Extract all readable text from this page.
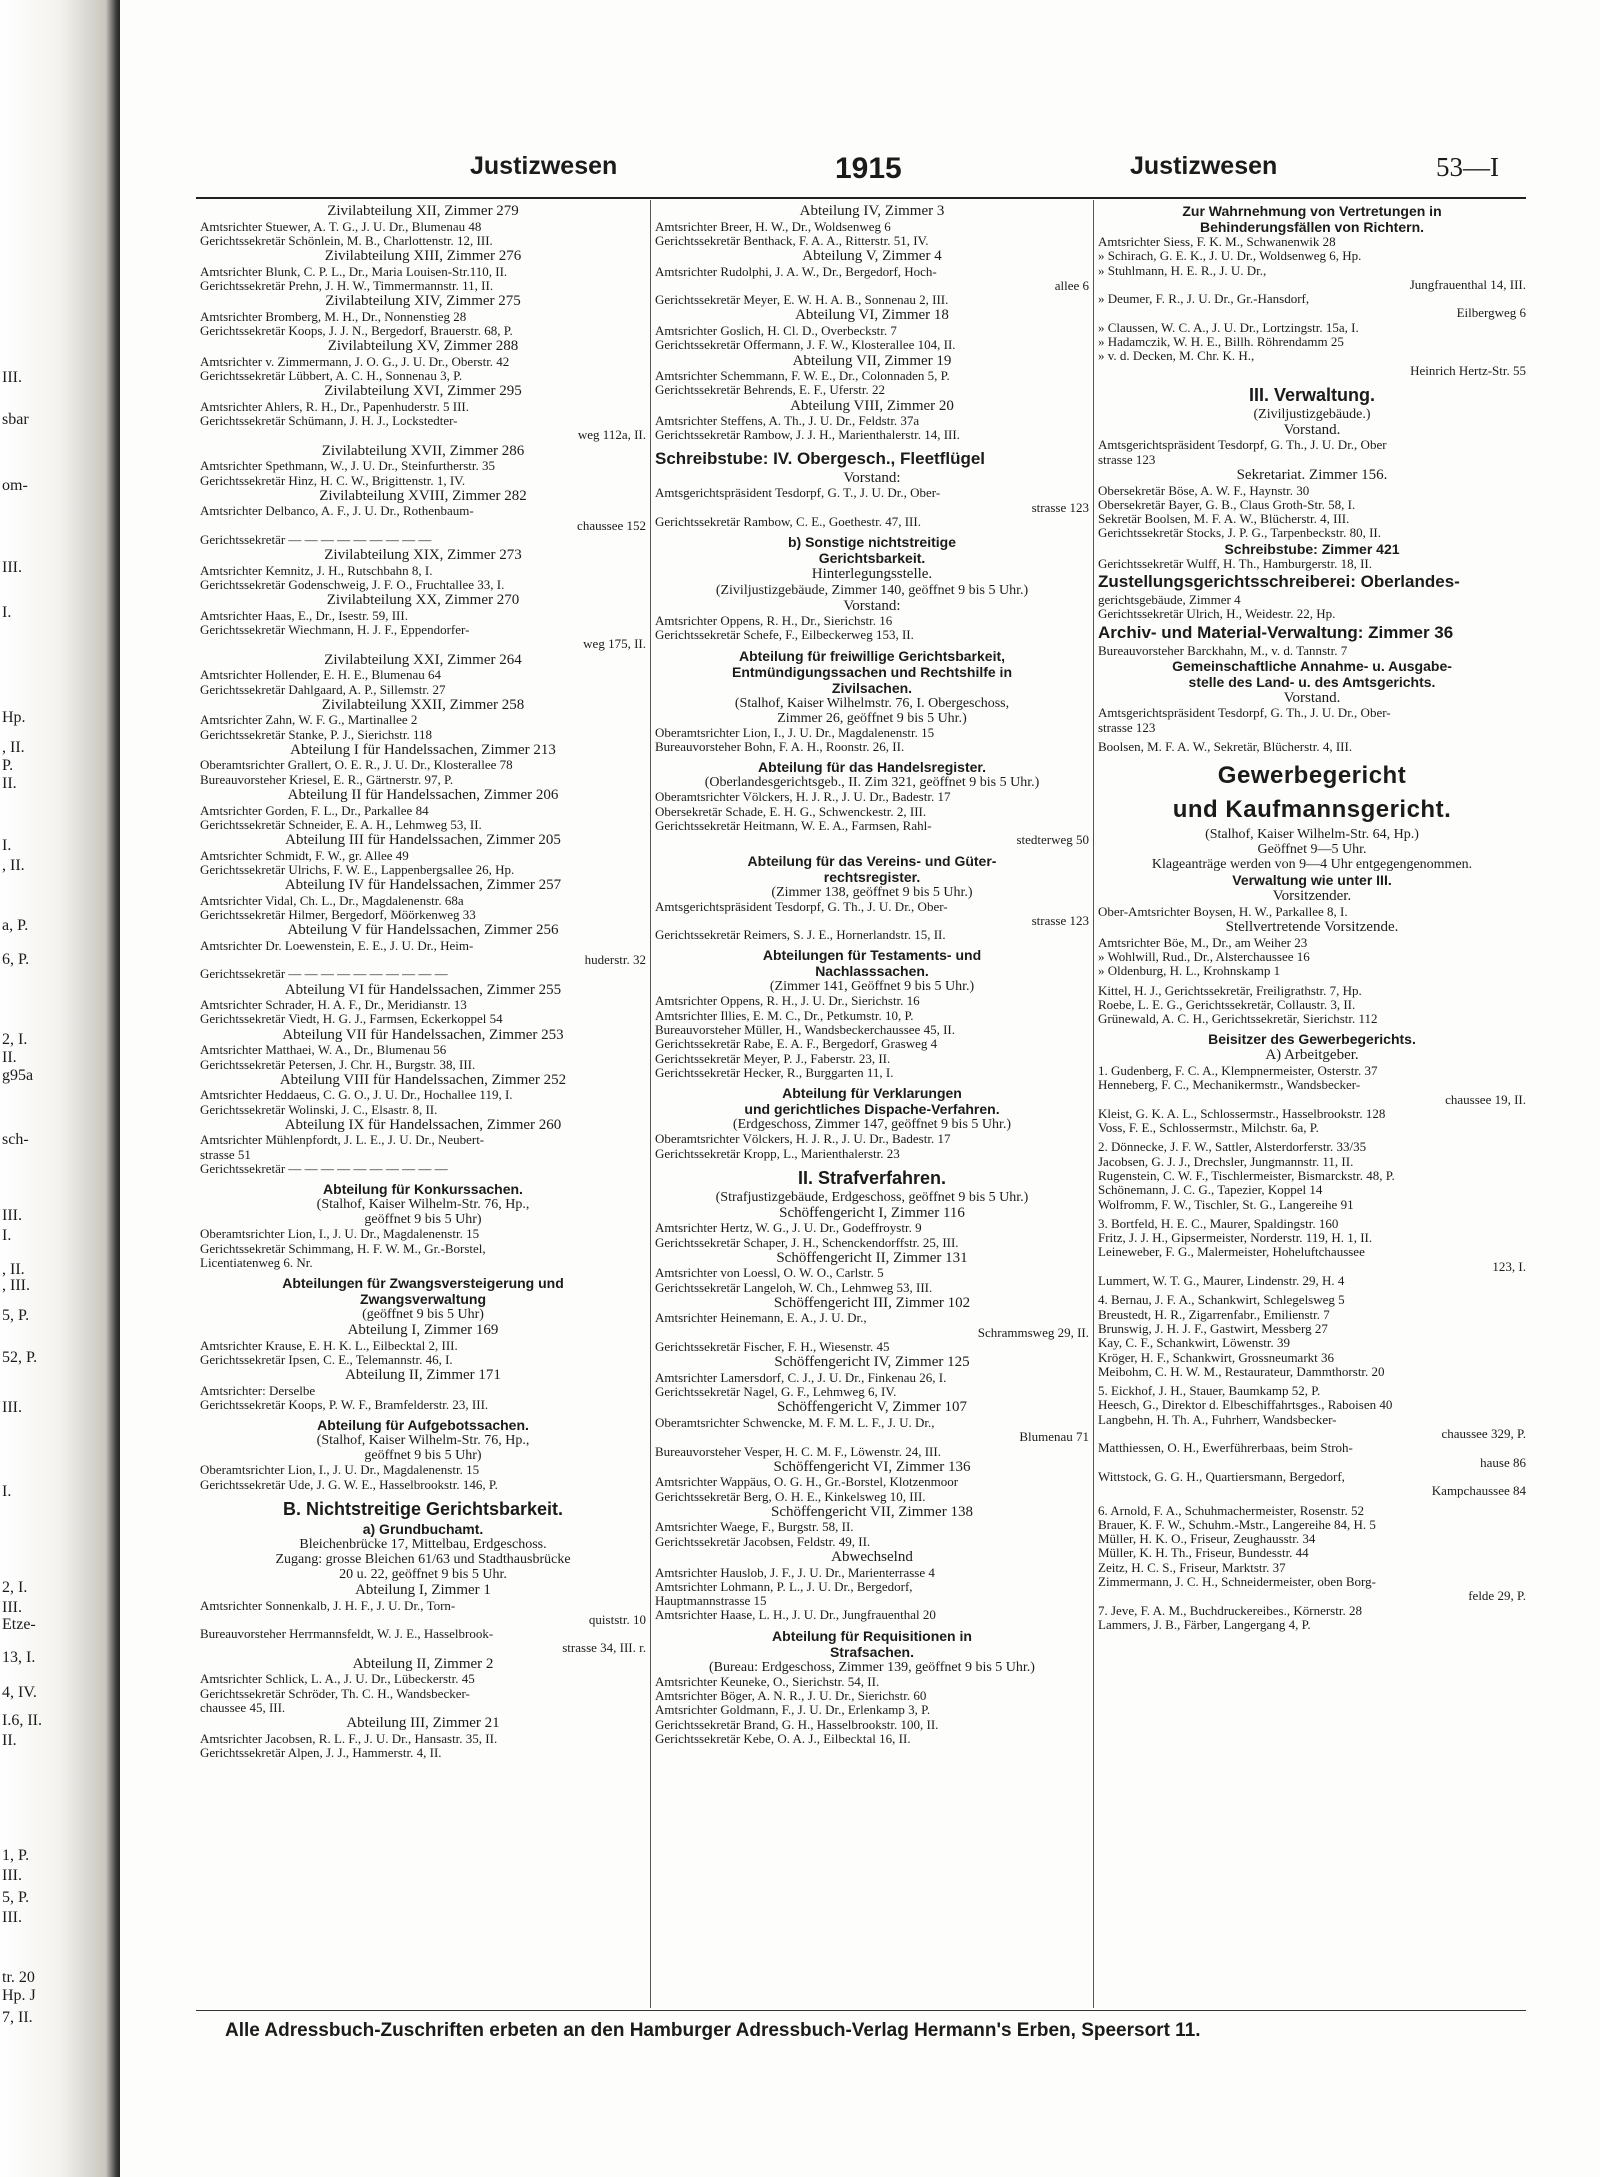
III.
sbar
om-
III.
I.
Hp.
, II.
P.
II.
I.
, II.
a, P.
6, P.
2, I.
II.
g95a
sch-
III.
I.
, II.
, III.
5, P.
52, P.
III.
I.
2, I.
III.
Etze-
13, I.
4, IV.
I.6, II.
II.
1, P.
III.
5, P.
III.
tr. 20
Hp. J
7, II.
Justizwesen	1915	Justizwesen	53—I
Zivilabteilung XII, Zimmer 279
Amtsrichter Stuewer, A. T. G., J. U. Dr., Blumenau 48
Gerichtssekretär Schönlein, M. B., Charlottenstr. 12, III.
Zivilabteilung XIII, Zimmer 276
Amtsrichter Blunk, C. P. L., Dr., Maria Louisen-Str.110, II.
Gerichtssekretär Prehn, J. H. W., Timmermannstr. 11, II.
Zivilabteilung XIV, Zimmer 275
Amtsrichter Bromberg, M. H., Dr., Nonnenstieg 28
Gerichtssekretär Koops, J. J. N., Bergedorf, Brauerstr. 68, P.
Zivilabteilung XV, Zimmer 288
Amtsrichter v. Zimmermann, J. O. G., J. U. Dr., Oberstr. 42
Gerichtssekretär Lübbert, A. C. H., Sonnenau 3, P.
Zivilabteilung XVI, Zimmer 295
Amtsrichter Ahlers, R. H., Dr., Papenhuderstr. 5 III.
Gerichtssekretär Schümann, J. H. J., Lockstedter-
weg 112a, II.
Zivilabteilung XVII, Zimmer 286
Amtsrichter Spethmann, W., J. U. Dr., Steinfurtherstr. 35
Gerichtssekretär Hinz, H. C. W., Brigittenstr. 1, IV.
Zivilabteilung XVIII, Zimmer 282
Amtsrichter Delbanco, A. F., J. U. Dr., Rothenbaum-
chaussee 152
Gerichtssekretär — — — — — — — — —
Zivilabteilung XIX, Zimmer 273
Amtsrichter Kemnitz, J. H., Rutschbahn 8, I.
Gerichtssekretär Godenschweig, J. F. O., Fruchtallee 33, I.
Zivilabteilung XX, Zimmer 270
Amtsrichter Haas, E., Dr., Isestr. 59, III.
Gerichtssekretär Wiechmann, H. J. F., Eppendorfer-
weg 175, II.
Zivilabteilung XXI, Zimmer 264
Amtsrichter Hollender, E. H. E., Blumenau 64
Gerichtssekretär Dahlgaard, A. P., Sillemstr. 27
Zivilabteilung XXII, Zimmer 258
Amtsrichter Zahn, W. F. G., Martinallee 2
Gerichtssekretär Stanke, P. J., Sierichstr. 118
Abteilung I für Handelssachen, Zimmer 213
Oberamtsrichter Grallert, O. E. R., J. U. Dr., Klosterallee 78
Bureauvorsteher Kriesel, E. R., Gärtnerstr. 97, P.
Abteilung II für Handelssachen, Zimmer 206
Amtsrichter Gorden, F. L., Dr., Parkallee 84
Gerichtssekretär Schneider, E. A. H., Lehmweg 53, II.
Abteilung III für Handelssachen, Zimmer 205
Amtsrichter Schmidt, F. W., gr. Allee 49
Gerichtssekretär Ulrichs, F. W. E., Lappenbergsallee 26, Hp.
Abteilung IV für Handelssachen, Zimmer 257
Amtsrichter Vidal, Ch. L., Dr., Magdalenenstr. 68a
Gerichtssekretär Hilmer, Bergedorf, Möörkenweg 33
Abteilung V für Handelssachen, Zimmer 256
Amtsrichter Dr. Loewenstein, E. E., J. U. Dr., Heim-
huderstr. 32
Gerichtssekretär — — — — — — — — — —
Abteilung VI für Handelssachen, Zimmer 255
Amtsrichter Schrader, H. A. F., Dr., Meridianstr. 13
Gerichtssekretär Viedt, H. G. J., Farmsen, Eckerkoppel 54
Abteilung VII für Handelssachen, Zimmer 253
Amtsrichter Matthaei, W. A., Dr., Blumenau 56
Gerichtssekretär Petersen, J. Chr. H., Burgstr. 38, III.
Abteilung VIII für Handelssachen, Zimmer 252
Amtsrichter Heddaeus, C. G. O., J. U. Dr., Hochallee 119, I.
Gerichtssekretär Wolinski, J. C., Elsastr. 8, II.
Abteilung IX für Handelssachen, Zimmer 260
Amtsrichter Mühlenpfordt, J. L. E., J. U. Dr., Neubert-
strasse 51
Gerichtssekretär — — — — — — — — — —
Abteilung für Konkurssachen.
(Stalhof, Kaiser Wilhelm-Str. 76, Hp.,
geöffnet 9 bis 5 Uhr)
Oberamtsrichter Lion, I., J. U. Dr., Magdalenenstr. 15
Gerichtssekretär Schimmang, H. F. W. M., Gr.-Borstel,
Licentiatenweg 6. Nr.
Abteilungen für Zwangsversteigerung und
Zwangsverwaltung
(geöffnet 9 bis 5 Uhr)
Abteilung I, Zimmer 169
Amtsrichter Krause, E. H. K. L., Eilbecktal 2, III.
Gerichtssekretär Ipsen, C. E., Telemannstr. 46, I.
Abteilung II, Zimmer 171
Amtsrichter: Derselbe
Gerichtssekretär Koops, P. W. F., Bramfelderstr. 23, III.
Abteilung für Aufgebotssachen.
(Stalhof, Kaiser Wilhelm-Str. 76, Hp.,
geöffnet 9 bis 5 Uhr)
Oberamtsrichter Lion, I., J. U. Dr., Magdalenenstr. 15
Gerichtssekretär Ude, J. G. W. E., Hasselbrookstr. 146, P.
B. Nichtstreitige Gerichtsbarkeit.
a) Grundbuchamt.
Bleichenbrücke 17, Mittelbau, Erdgeschoss.
Zugang: grosse Bleichen 61/63 und Stadthausbrücke
20 u. 22, geöffnet 9 bis 5 Uhr.
Abteilung I, Zimmer 1
Amtsrichter Sonnenkalb, J. H. F., J. U. Dr., Torn-
quiststr. 10
Bureauvorsteher Herrmannsfeldt, W. J. E., Hasselbrook-
strasse 34, III. r.
Abteilung II, Zimmer 2
Amtsrichter Schlick, L. A., J. U. Dr., Lübeckerstr. 45
Gerichtssekretär Schröder, Th. C. H., Wandsbecker-
chaussee 45, III.
Abteilung III, Zimmer 21
Amtsrichter Jacobsen, R. L. F., J. U. Dr., Hansastr. 35, II.
Gerichtssekretär Alpen, J. J., Hammerstr. 4, II.
Abteilung IV, Zimmer 3
Amtsrichter Breer, H. W., Dr., Woldsenweg 6
Gerichtssekretär Benthack, F. A. A., Ritterstr. 51, IV.
Abteilung V, Zimmer 4
Amtsrichter Rudolphi, J. A. W., Dr., Bergedorf, Hoch-
allee 6
Gerichtssekretär Meyer, E. W. H. A. B., Sonnenau 2, III.
Abteilung VI, Zimmer 18
Amtsrichter Goslich, H. Cl. D., Overbeckstr. 7
Gerichtssekretär Offermann, J. F. W., Klosterallee 104, II.
Abteilung VII, Zimmer 19
Amtsrichter Schemmann, F. W. E., Dr., Colonnaden 5, P.
Gerichtssekretär Behrends, E. F., Uferstr. 22
Abteilung VIII, Zimmer 20
Amtsrichter Steffens, A. Th., J. U. Dr., Feldstr. 37a
Gerichtssekretär Rambow, J. J. H., Marienthalerstr. 14, III.
Schreibstube: IV. Obergesch., Fleetflügel
Vorstand:
Amtsgerichtspräsident Tesdorpf, G. T., J. U. Dr., Ober-
strasse 123
Gerichtssekretär Rambow, C. E., Goethestr. 47, III.
b) Sonstige nichtstreitige
Gerichtsbarkeit.
Hinterlegungsstelle.
(Ziviljustizgebäude, Zimmer 140, geöffnet 9 bis 5 Uhr.)
Vorstand:
Amtsrichter Oppens, R. H., Dr., Sierichstr. 16
Gerichtssekretär Schefe, F., Eilbeckerweg 153, II.
Abteilung für freiwillige Gerichtsbarkeit,
Entmündigungssachen und Rechtshilfe in
Zivilsachen.
(Stalhof, Kaiser Wilhelmstr. 76, I. Obergeschoss,
Zimmer 26, geöffnet 9 bis 5 Uhr.)
Oberamtsrichter Lion, I., J. U. Dr., Magdalenenstr. 15
Bureauvorsteher Bohn, F. A. H., Roonstr. 26, II.
Abteilung für das Handelsregister.
(Oberlandesgerichtsgeb., II. Zim 321, geöffnet 9 bis 5 Uhr.)
Oberamtsrichter Völckers, H. J. R., J. U. Dr., Badestr. 17
Obersekretär Schade, E. H. G., Schwenckestr. 2, III.
Gerichtssekretär Heitmann, W. E. A., Farmsen, Rahl-
stedterweg 50
Abteilung für das Vereins- und Güter-
rechtsregister.
(Zimmer 138, geöffnet 9 bis 5 Uhr.)
Amtsgerichtspräsident Tesdorpf, G. Th., J. U. Dr., Ober-
strasse 123
Gerichtssekretär Reimers, S. J. E., Hornerlandstr. 15, II.
Abteilungen für Testaments- und
Nachlasssachen.
(Zimmer 141, Geöffnet 9 bis 5 Uhr.)
Amtsrichter Oppens, R. H., J. U. Dr., Sierichstr. 16
Amtsrichter Illies, E. M. C., Dr., Petkumstr. 10, P.
Bureauvorsteher Müller, H., Wandsbeckerchaussee 45, II.
Gerichtssekretär Rabe, E. A. F., Bergedorf, Grasweg 4
Gerichtssekretär Meyer, P. J., Faberstr. 23, II.
Gerichtssekretär Hecker, R., Burggarten 11, I.
Abteilung für Verklarungen
und gerichtliches Dispache-Verfahren.
(Erdgeschoss, Zimmer 147, geöffnet 9 bis 5 Uhr.)
Oberamtsrichter Völckers, H. J. R., J. U. Dr., Badestr. 17
Gerichtssekretär Kropp, L., Marienthalerstr. 23
II. Strafverfahren.
(Strafjustizgebäude, Erdgeschoss, geöffnet 9 bis 5 Uhr.)
Schöffengericht I, Zimmer 116
Amtsrichter Hertz, W. G., J. U. Dr., Godeffroystr. 9
Gerichtssekretär Schaper, J. H., Schenckendorffstr. 25, III.
Schöffengericht II, Zimmer 131
Amtsrichter von Loessl, O. W. O., Carlstr. 5
Gerichtssekretär Langeloh, W. Ch., Lehmweg 53, III.
Schöffengericht III, Zimmer 102
Amtsrichter Heinemann, E. A., J. U. Dr.,
Schrammsweg 29, II.
Gerichtssekretär Fischer, F. H., Wiesenstr. 45
Schöffengericht IV, Zimmer 125
Amtsrichter Lamersdorf, C. J., J. U. Dr., Finkenau 26, I.
Gerichtssekretär Nagel, G. F., Lehmweg 6, IV.
Schöffengericht V, Zimmer 107
Oberamtsrichter Schwencke, M. F. M. L. F., J. U. Dr.,
Blumenau 71
Bureauvorsteher Vesper, H. C. M. F., Löwenstr. 24, III.
Schöffengericht VI, Zimmer 136
Amtsrichter Wappäus, O. G. H., Gr.-Borstel, Klotzenmoor
Gerichtssekretär Berg, O. H. E., Kinkelsweg 10, III.
Schöffengericht VII, Zimmer 138
Amtsrichter Waege, F., Burgstr. 58, II.
Gerichtssekretär Jacobsen, Feldstr. 49, II.
Abwechselnd
Amtsrichter Hauslob, J. F., J. U. Dr., Marienterrasse 4
Amtsrichter Lohmann, P. L., J. U. Dr., Bergedorf,
Hauptmannstrasse 15
Amtsrichter Haase, L. H., J. U. Dr., Jungfrauenthal 20
Abteilung für Requisitionen in
Strafsachen.
(Bureau: Erdgeschoss, Zimmer 139, geöffnet 9 bis 5 Uhr.)
Amtsrichter Keuneke, O., Sierichstr. 54, II.
Amtsrichter Böger, A. N. R., J. U. Dr., Sierichstr. 60
Amtsrichter Goldmann, F., J. U. Dr., Erlenkamp 3, P.
Gerichtssekretär Brand, G. H., Hasselbrookstr. 100, II.
Gerichtssekretär Kebe, O. A. J., Eilbecktal 16, II.
Zur Wahrnehmung von Vertretungen in
Behinderungsfällen von Richtern.
Amtsrichter Siess, F. K. M., Schwanenwik 28
» Schirach, G. E. K., J. U. Dr., Woldsenweg 6, Hp.
» Stuhlmann, H. E. R., J. U. Dr.,
Jungfrauenthal 14, III.
» Deumer, F. R., J. U. Dr., Gr.-Hansdorf,
Eilbergweg 6
» Claussen, W. C. A., J. U. Dr., Lortzingstr. 15a, I.
» Hadamczik, W. H. E., Billh. Röhrendamm 25
» v. d. Decken, M. Chr. K. H.,
Heinrich Hertz-Str. 55
III. Verwaltung.
(Ziviljustizgebäude.)
Vorstand.
Amtsgerichtspräsident Tesdorpf, G. Th., J. U. Dr., Ober
strasse 123
Sekretariat. Zimmer 156.
Obersekretär Böse, A. W. F., Haynstr. 30
Obersekretär Bayer, G. B., Claus Groth-Str. 58, I.
Sekretär Boolsen, M. F. A. W., Blücherstr. 4, III.
Gerichtssekretär Stocks, J. P. G., Tarpenbeckstr. 80, II.
Schreibstube: Zimmer 421
Gerichtssekretär Wulff, H. Th., Hamburgerstr. 18, II.
Zustellungsgerichtsschreiberei: Oberlandes-
gerichtsgebäude, Zimmer 4
Gerichtssekretär Ulrich, H., Weidestr. 22, Hp.
Archiv- und Material-Verwaltung: Zimmer 36
Bureauvorsteher Barckhahn, M., v. d. Tannstr. 7
Gemeinschaftliche Annahme- u. Ausgabe-
stelle des Land- u. des Amtsgerichts.
Vorstand.
Amtsgerichtspräsident Tesdorpf, G. Th., J. U. Dr., Ober-
strasse 123
Boolsen, M. F. A. W., Sekretär, Blücherstr. 4, III.
Gewerbegericht
und Kaufmannsgericht.
(Stalhof, Kaiser Wilhelm-Str. 64, Hp.)
Geöffnet 9—5 Uhr.
Klageanträge werden von 9—4 Uhr entgegengenommen.
Verwaltung wie unter III.
Vorsitzender.
Ober-Amtsrichter Boysen, H. W., Parkallee 8, I.
Stellvertretende Vorsitzende.
Amtsrichter Böe, M., Dr., am Weiher 23
» Wohlwill, Rud., Dr., Alsterchaussee 16
» Oldenburg, H. L., Krohnskamp 1
Kittel, H. J., Gerichtssekretär, Freiligrathstr. 7, Hp.
Roebe, L. E. G., Gerichtssekretär, Collaustr. 3, II.
Grünewald, A. C. H., Gerichtssekretär, Sierichstr. 112
Beisitzer des Gewerbegerichts.
A) Arbeitgeber.
1. Gudenberg, F. C. A., Klempnermeister, Osterstr. 37
Henneberg, F. C., Mechanikermstr., Wandsbecker-
chaussee 19, II.
Kleist, G. K. A. L., Schlossermstr., Hasselbrookstr. 128
Voss, F. E., Schlossermstr., Milchstr. 6a, P.
2. Dönnecke, J. F. W., Sattler, Alsterdorferstr. 33/35
Jacobsen, G. J. J., Drechsler, Jungmannstr. 11, II.
Rugenstein, C. W. F., Tischlermeister, Bismarckstr. 48, P.
Schönemann, J. C. G., Tapezier, Koppel 14
Wolfromm, F. W., Tischler, St. G., Langereihe 91
3. Bortfeld, H. E. C., Maurer, Spaldingstr. 160
Fritz, J. J. H., Gipsermeister, Norderstr. 119, H. 1, II.
Leineweber, F. G., Malermeister, Hoheluftchaussee
123, I.
Lummert, W. T. G., Maurer, Lindenstr. 29, H. 4
4. Bernau, J. F. A., Schankwirt, Schlegelsweg 5
Breustedt, H. R., Zigarrenfabr., Emilienstr. 7
Brunswig, J. H. J. F., Gastwirt, Messberg 27
Kay, C. F., Schankwirt, Löwenstr. 39
Kröger, H. F., Schankwirt, Grossneumarkt 36
Meibohm, C. H. W. M., Restaurateur, Dammthorstr. 20
5. Eickhof, J. H., Stauer, Baumkamp 52, P.
Heesch, G., Direktor d. Elbeschiffahrtsges., Raboisen 40
Langbehn, H. Th. A., Fuhrherr, Wandsbecker-
chaussee 329, P.
Matthiessen, O. H., Ewerführerbaas, beim Stroh-
hause 86
Wittstock, G. G. H., Quartiersmann, Bergedorf,
Kampchaussee 84
6. Arnold, F. A., Schuhmachermeister, Rosenstr. 52
Brauer, K. F. W., Schuhm.-Mstr., Langereihe 84, H. 5
Müller, H. K. O., Friseur, Zeughausstr. 34
Müller, K. H. Th., Friseur, Bundesstr. 44
Zeitz, H. C. S., Friseur, Marktstr. 37
Zimmermann, J. C. H., Schneidermeister, oben Borg-
felde 29, P.
7. Jeve, F. A. M., Buchdruckereibes., Körnerstr. 28
Lammers, J. B., Färber, Langergang 4, P.
Alle Adressbuch-Zuschriften erbeten an den Hamburger Adressbuch-Verlag Hermann's Erben, Speersort 11.
